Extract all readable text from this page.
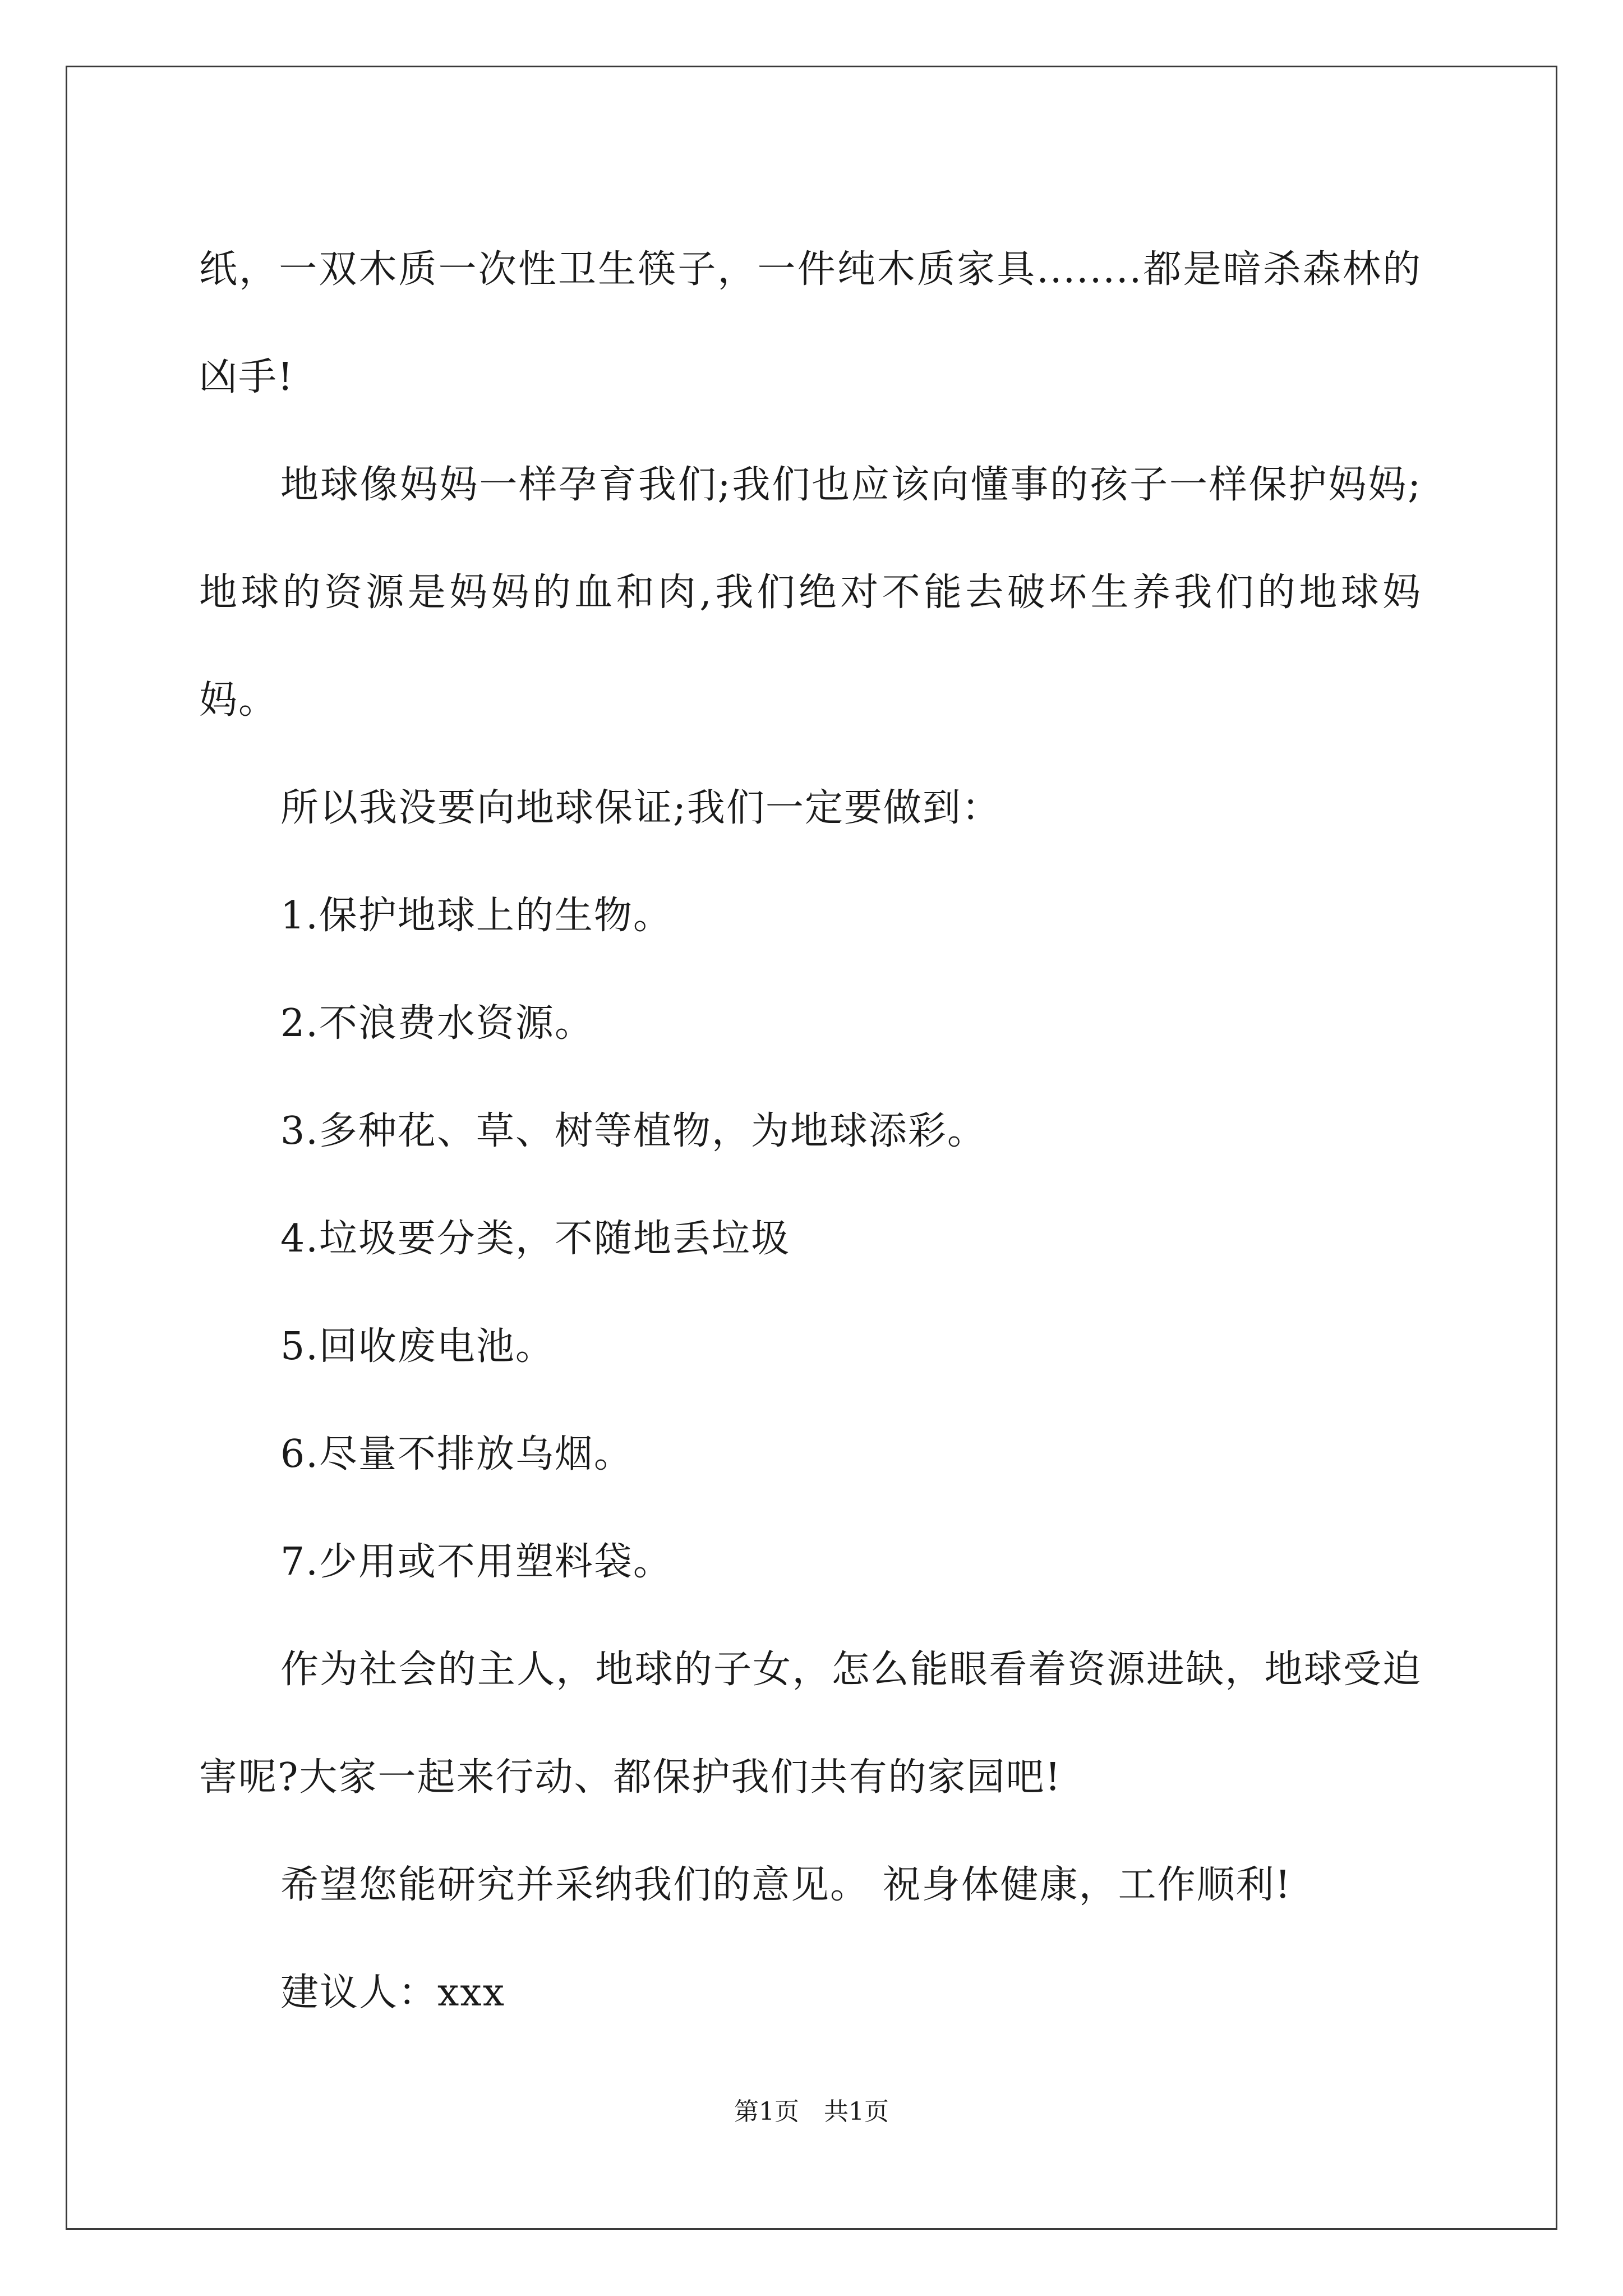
纸，一双木质一次性卫生筷子，一件纯木质家具........都是暗杀森林的凶手!

地球像妈妈一样孕育我们;我们也应该向懂事的孩子一样保护妈妈;地球的资源是妈妈的血和肉,我们绝对不能去破坏生养我们的地球妈妈。

所以我没要向地球保证;我们一定要做到：

1.保护地球上的生物。

2.不浪费水资源。

3.多种花、草、树等植物，为地球添彩。

4.垃圾要分类，不随地丢垃圾

5.回收废电池。

6.尽量不排放乌烟。

7.少用或不用塑料袋。

作为社会的主人，地球的子女，怎么能眼看着资源进缺，地球受迫害呢?大家一起来行动、都保护我们共有的家园吧!

希望您能研究并采纳我们的意见。 祝身体健康，工作顺利!

建议人：xxx

第1页 共1页
